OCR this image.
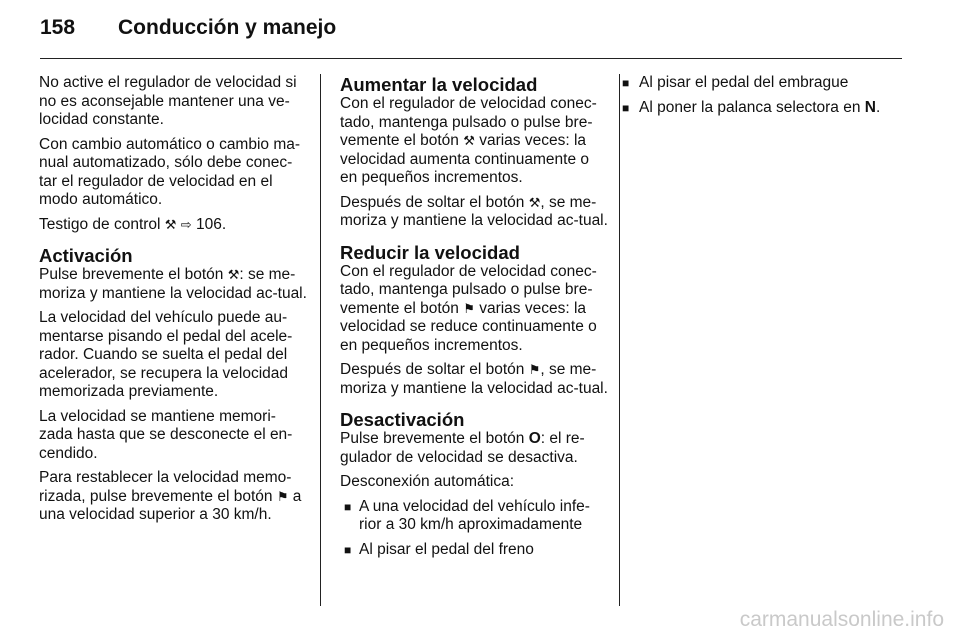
158 Conducción y manejo

No active el regulador de velocidad si no es aconsejable mantener una ve-locidad constante.

Con cambio automático o cambio ma-nual automatizado, sólo debe conec-tar el regulador de velocidad en el modo automático.

Testigo de control ⚒ ⇨ 106.

Activación

Pulse brevemente el botón ⚒: se me-moriza y mantiene la velocidad ac-tual.

La velocidad del vehículo puede au-mentarse pisando el pedal del acele-rador. Cuando se suelta el pedal del acelerador, se recupera la velocidad memorizada previamente.

La velocidad se mantiene memori-zada hasta que se desconecte el en-cendido.

Para restablecer la velocidad memo-rizada, pulse brevemente el botón ⚑ a una velocidad superior a 30 km/h.

Aumentar la velocidad

Con el regulador de velocidad conec-tado, mantenga pulsado o pulse bre-vemente el botón ⚒ varias veces: la velocidad aumenta continuamente o en pequeños incrementos.

Después de soltar el botón ⚒, se me-moriza y mantiene la velocidad ac-tual.

Reducir la velocidad

Con el regulador de velocidad conec-tado, mantenga pulsado o pulse bre-vemente el botón ⚑ varias veces: la velocidad se reduce continuamente o en pequeños incrementos.

Después de soltar el botón ⚑, se me-moriza y mantiene la velocidad ac-tual.

Desactivación

Pulse brevemente el botón O: el re-gulador de velocidad se desactiva.

Desconexión automática:

■ A una velocidad del vehículo infe-rior a 30 km/h aproximadamente
■ Al pisar el pedal del freno
■ Al pisar el pedal del embrague
■ Al poner la palanca selectora en N.
carmanualsonline.info
